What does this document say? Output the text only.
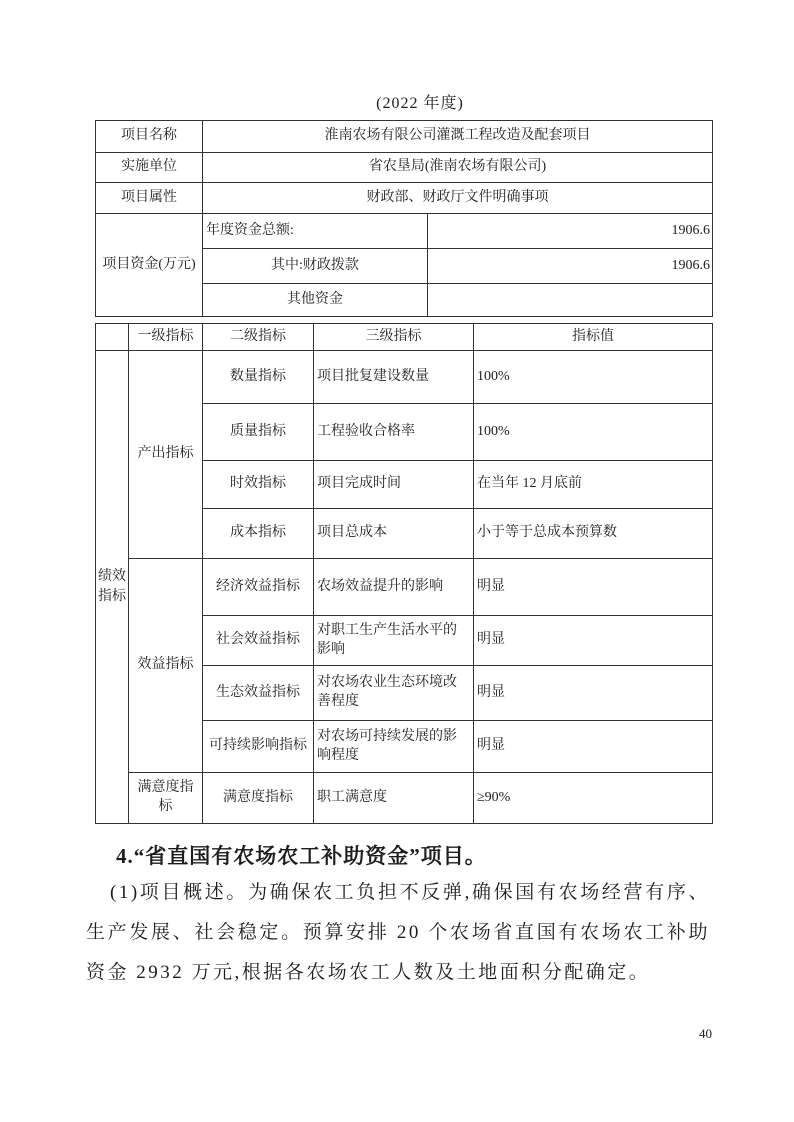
(2022 年度)
项目名称	淮南农场有限公司灌溉工程改造及配套项目	
实施单位	省农垦局(淮南农场有限公司)	
项目属性	财政部、财政厅文件明确事项	
项目资金(万元)	年度资金总额:	1906.6
	其中:财政拨款	1906.6
	其他资金	
	一级指标	二级指标	三级指标	指标值
绩效指标	产出指标	数量指标	项目批复建设数量	100%
		质量指标	工程验收合格率	100%
		时效指标	项目完成时间	在当年 12 月底前
		成本指标	项目总成本	小于等于总成本预算数
	效益指标	经济效益指标	农场效益提升的影响	明显
		社会效益指标	对职工生产生活水平的影响	明显
		生态效益指标	对农场农业生态环境改善程度	明显
		可持续影响指标	对农场可持续发展的影响程度	明显
	满意度指标	满意度指标	职工满意度	≥90%
4.“省直国有农场农工补助资金”项目。
(1)项目概述。为确保农工负担不反弹,确保国有农场经营有序、生产发展、社会稳定。预算安排 20 个农场省直国有农场农工补助资金 2932 万元,根据各农场农工人数及土地面积分配确定。
40
